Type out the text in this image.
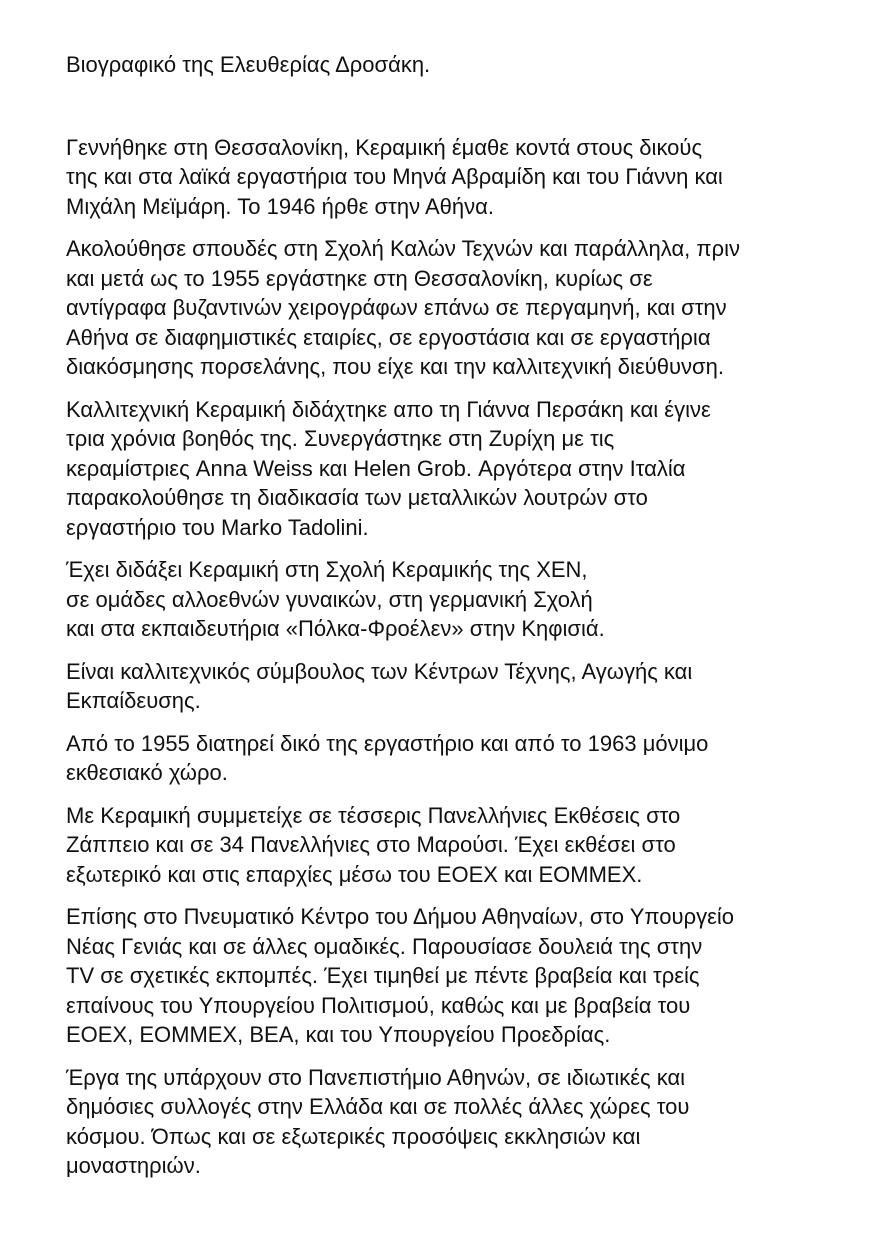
Βιογραφικό της Ελευθερίας Δροσάκη.
Γεννήθηκε στη Θεσσαλονίκη, Κεραμική έμαθε κοντά στους δικούς
της και στα λαϊκά εργαστήρια του Μηνά Αβραμίδη και του Γιάννη και
Μιχάλη Μεϊμάρη. Το 1946 ήρθε στην Αθήνα.
Ακολούθησε σπουδές στη Σχολή Καλών Τεχνών και παράλληλα, πριν
και μετά ως το 1955 εργάστηκε στη Θεσσαλονίκη, κυρίως σε
αντίγραφα βυζαντινών χειρογράφων επάνω σε περγαμηνή, και στην
Αθήνα σε διαφημιστικές εταιρίες, σε εργοστάσια και σε εργαστήρια
διακόσμησης πορσελάνης, που είχε και την καλλιτεχνική διεύθυνση.
Καλλιτεχνική Κεραμική διδάχτηκε απο τη Γιάννα Περσάκη και έγινε
τρια χρόνια βοηθός της. Συνεργάστηκε στη Ζυρίχη με τις
κεραμίστριες Anna Weiss και Helen Grob. Αργότερα στην Ιταλία
παρακολούθησε τη διαδικασία των μεταλλικών λουτρών στο
εργαστήριο του Marko Tadolini.
Έχει διδάξει Κεραμική στη Σχολή Κεραμικής της ΧΕΝ,
σε ομάδες αλλοεθνών γυναικών, στη γερμανική Σχολή
και στα εκπαιδευτήρια «Πόλκα-Φροέλεν» στην Κηφισιά.
Είναι καλλιτεχνικός σύμβουλος των Κέντρων Τέχνης, Αγωγής και
Εκπαίδευσης.
Από το 1955 διατηρεί δικό της εργαστήριο και από το 1963 μόνιμο
εκθεσιακό χώρο.
Με Κεραμική συμμετείχε σε τέσσερις Πανελλήνιες Εκθέσεις στο
Ζάππειο και σε 34 Πανελλήνιες στο Μαρούσι. Έχει εκθέσει στο
εξωτερικό και στις επαρχίες μέσω του ΕΟΕΧ και ΕΟΜΜΕΧ.
Επίσης στο Πνευματικό Κέντρο του Δήμου Αθηναίων, στο Υπουργείο
Νέας Γενιάς και σε άλλες ομαδικές. Παρουσίασε δουλειά της στην
TV σε σχετικές εκπομπές. Έχει τιμηθεί με πέντε βραβεία και τρείς
επαίνους του Υπουργείου Πολιτισμού, καθώς και με βραβεία του
ΕΟΕΧ, ΕΟΜΜΕΧ, ΒΕΑ, και του Υπουργείου Προεδρίας.
Έργα της υπάρχουν στο Πανεπιστήμιο Αθηνών, σε ιδιωτικές και
δημόσιες συλλογές στην Ελλάδα και σε πολλές άλλες χώρες του
κόσμου. Όπως και σε εξωτερικές προσόψεις εκκλησιών και
μοναστηριών.
